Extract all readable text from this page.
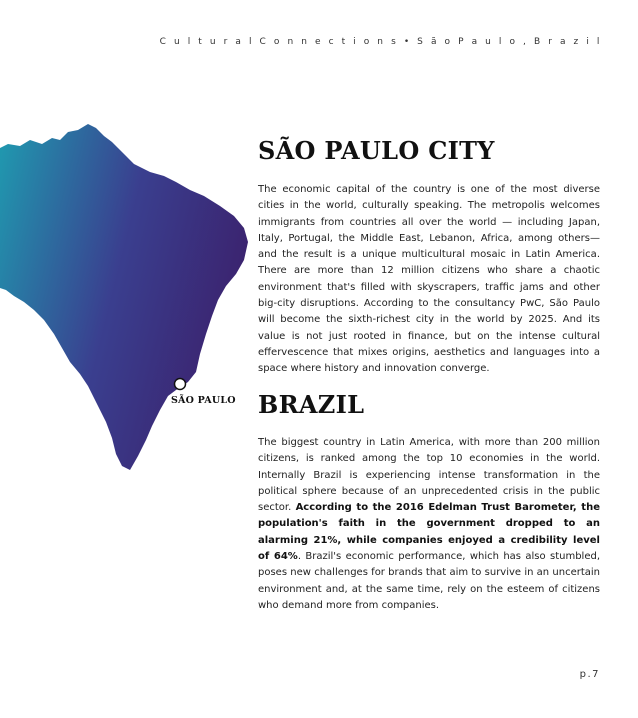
C u l t u r a l C o n n e c t i o n s • S ã o P a u l o , B r a z i l
SÃO PAULO
SÃO PAULO CITY

The economic capital of the country is one of the most diverse cities in the world, culturally speaking. The metropolis welcomes immigrants from countries all over the world — including Japan, Italy, Portugal, the Middle East, Lebanon, Africa, among others— and the result is a unique multicultural mosaic in Latin America. There are more than 12 million citizens who share a chaotic environment that's filled with skyscrapers, traffic jams and other big-city disruptions. According to the consultancy PwC, São Paulo will become the sixth-richest city in the world by 2025. And its value is not just rooted in finance, but on the intense cultural effervescence that mixes origins, aesthetics and languages into a space where history and innovation converge.

BRAZIL

The biggest country in Latin America, with more than 200 million citizens, is ranked among the top 10 economies in the world. Internally Brazil is experiencing intense transformation in the political sphere because of an unprecedented crisis in the public sector. According to the 2016 Edelman Trust Barometer, the population's faith in the government dropped to an alarming 21%, while companies enjoyed a credibility level of 64%. Brazil's economic performance, which has also stumbled, poses new challenges for brands that aim to survive in an uncertain environment and, at the same time, rely on the esteem of citizens who demand more from companies.

p.7
